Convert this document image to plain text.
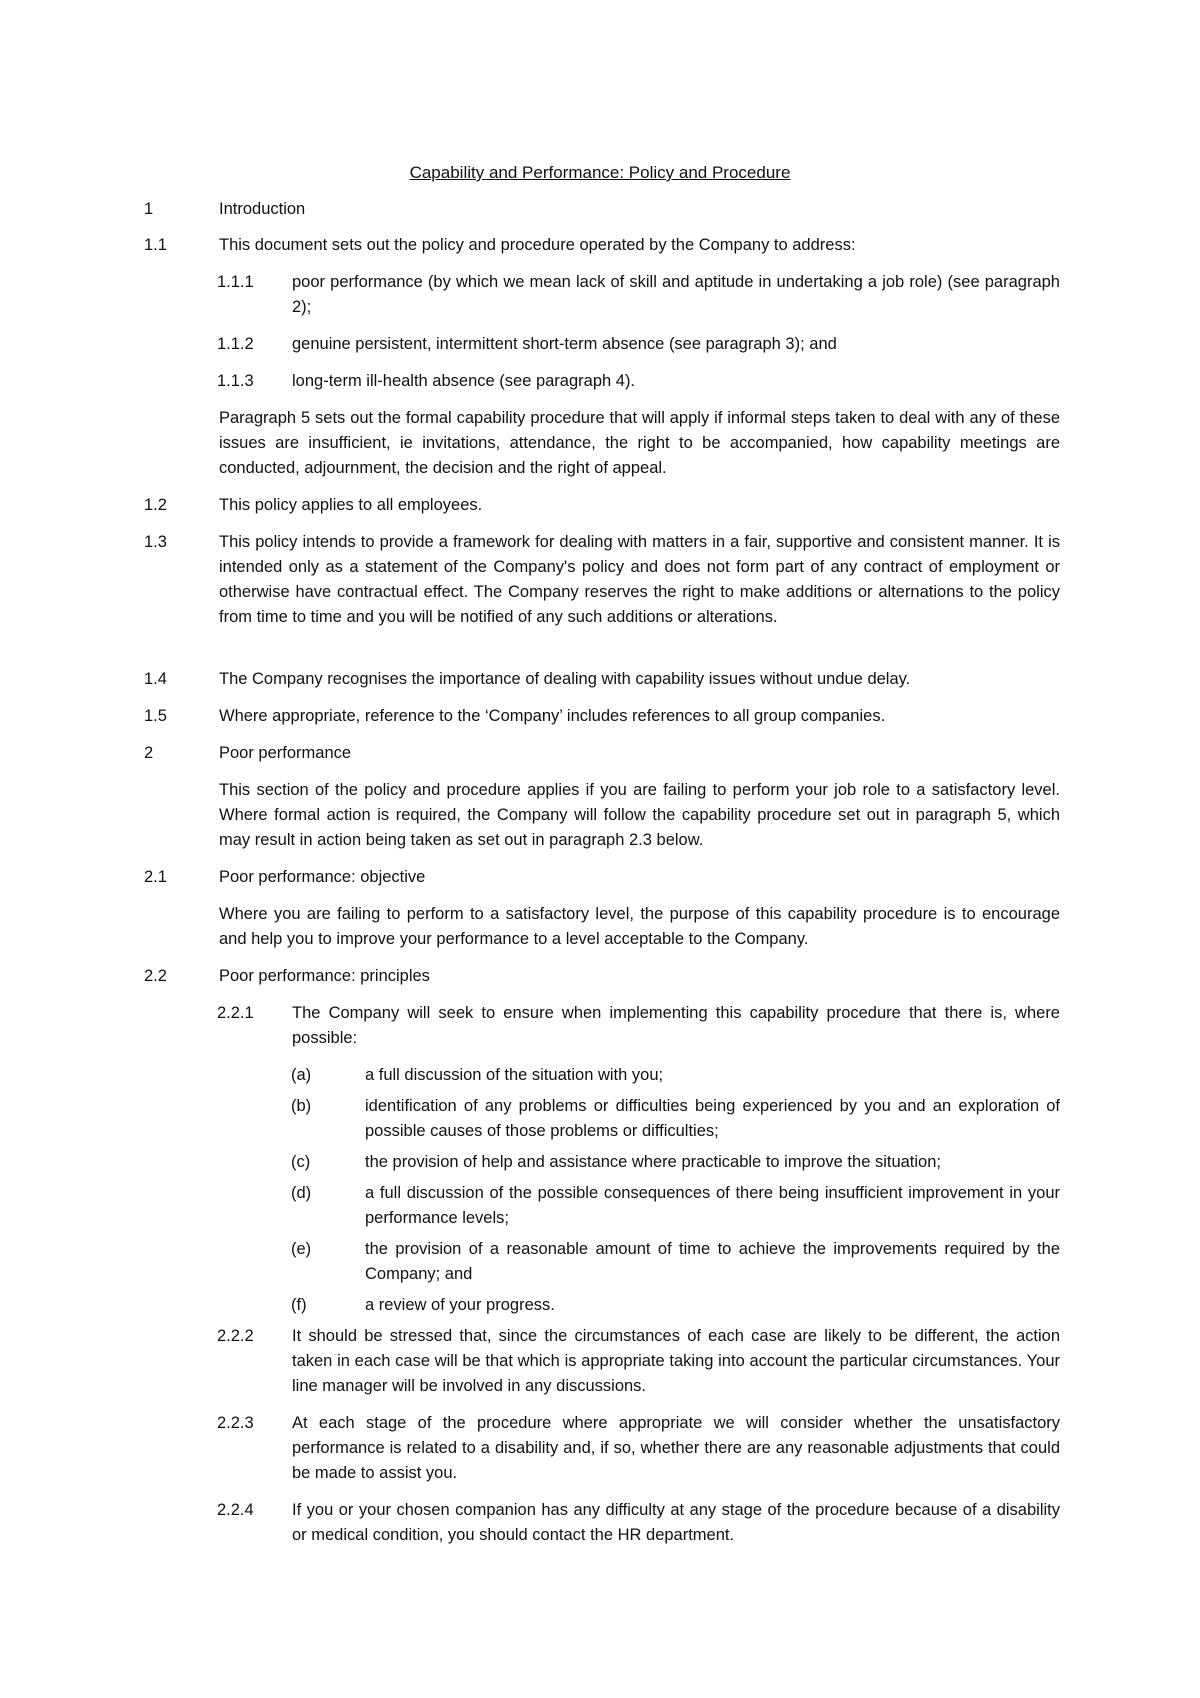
Capability and Performance: Policy and Procedure
1	Introduction
1.1	This document sets out the policy and procedure operated by the Company to address:
1.1.1 poor performance (by which we mean lack of skill and aptitude in undertaking a job role) (see paragraph 2);
1.1.2 genuine persistent, intermittent short-term absence (see paragraph 3); and
1.1.3 long-term ill-health absence (see paragraph 4).
Paragraph 5 sets out the formal capability procedure that will apply if informal steps taken to deal with any of these issues are insufficient, ie invitations, attendance, the right to be accompanied, how capability meetings are conducted, adjournment, the decision and the right of appeal.
1.2	This policy applies to all employees.
1.3	This policy intends to provide a framework for dealing with matters in a fair, supportive and consistent manner. It is intended only as a statement of the Company's policy and does not form part of any contract of employment or otherwise have contractual effect. The Company reserves the right to make additions or alternations to the policy from time to time and you will be notified of any such additions or alterations.
1.4	The Company recognises the importance of dealing with capability issues without undue delay.
1.5	Where appropriate, reference to the ‘Company’ includes references to all group companies.
2	Poor performance
This section of the policy and procedure applies if you are failing to perform your job role to a satisfactory level. Where formal action is required, the Company will follow the capability procedure set out in paragraph 5, which may result in action being taken as set out in paragraph 2.3 below.
2.1	Poor performance: objective
Where you are failing to perform to a satisfactory level, the purpose of this capability procedure is to encourage and help you to improve your performance to a level acceptable to the Company.
2.2	Poor performance: principles
2.2.1 The Company will seek to ensure when implementing this capability procedure that there is, where possible:
(a)	a full discussion of the situation with you;
(b)	identification of any problems or difficulties being experienced by you and an exploration of possible causes of those problems or difficulties;
(c)	the provision of help and assistance where practicable to improve the situation;
(d)	a full discussion of the possible consequences of there being insufficient improvement in your performance levels;
(e)	the provision of a reasonable amount of time to achieve the improvements required by the Company; and
(f)	a review of your progress.
2.2.2 It should be stressed that, since the circumstances of each case are likely to be different, the action taken in each case will be that which is appropriate taking into account the particular circumstances. Your line manager will be involved in any discussions.
2.2.3 At each stage of the procedure where appropriate we will consider whether the unsatisfactory performance is related to a disability and, if so, whether there are any reasonable adjustments that could be made to assist you.
2.2.4 If you or your chosen companion has any difficulty at any stage of the procedure because of a disability or medical condition, you should contact the HR department.
